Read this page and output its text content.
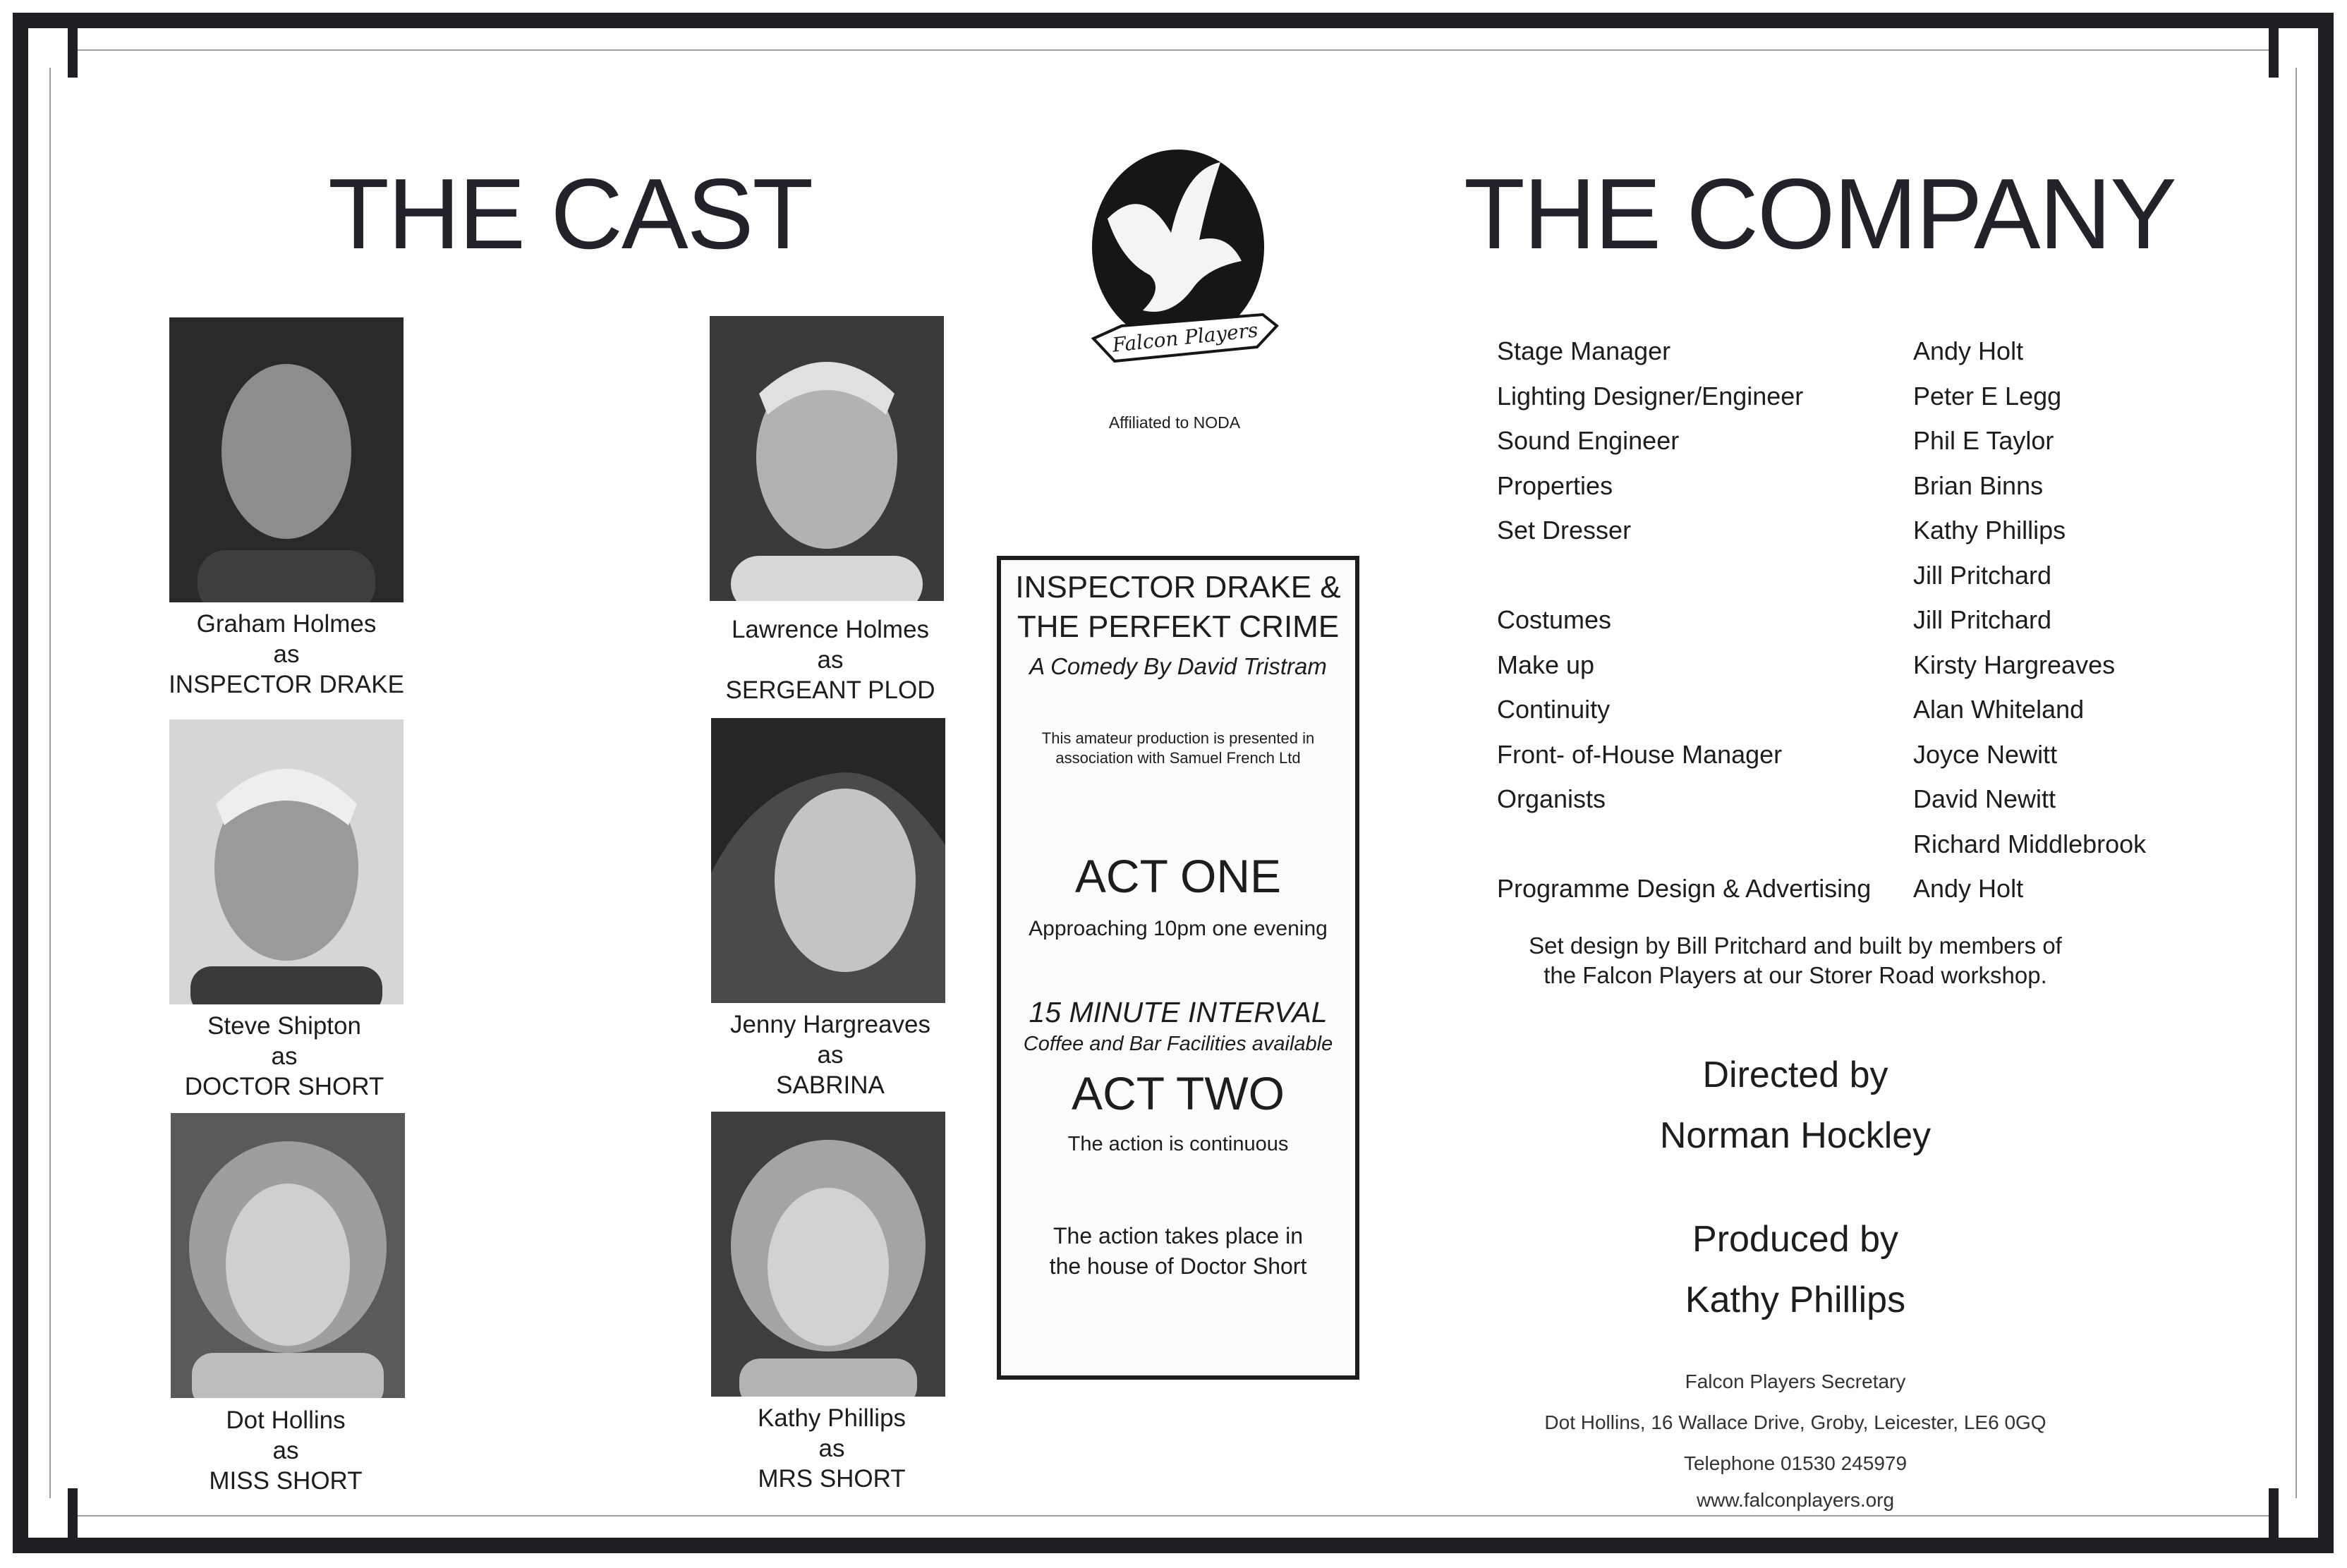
THE CAST
Graham Holmes
as
INSPECTOR DRAKE
Lawrence Holmes
as
SERGEANT PLOD
Steve Shipton
as
DOCTOR SHORT
Jenny Hargreaves
as
SABRINA
Dot Hollins
as
MISS SHORT
Kathy Phillips
as
MRS SHORT
Falcon Players
Affiliated to NODA
INSPECTOR DRAKE &
THE PERFEKT CRIME
A Comedy By David Tristram
This amateur production is presented in
association with Samuel French Ltd
ACT ONE
Approaching 10pm one evening
15 MINUTE INTERVAL
Coffee and Bar Facilities available
ACT TWO
The action is continuous
The action takes place in
the house of Doctor Short
THE COMPANY
Stage Manager
Lighting Designer/Engineer
Sound Engineer
Properties
Set Dresser
Costumes
Make up
Continuity
Front- of-House Manager
Organists
Programme Design & Advertising
Andy Holt
Peter E Legg
Phil E Taylor
Brian Binns
Kathy Phillips
Jill Pritchard
Jill Pritchard
Kirsty Hargreaves
Alan Whiteland
Joyce Newitt
David Newitt
Richard Middlebrook
Andy Holt
Set design by Bill Pritchard and built by members of
the Falcon Players at our Storer Road workshop.
Directed by
Norman Hockley
Produced by
Kathy Phillips
Falcon Players Secretary
Dot Hollins, 16 Wallace Drive, Groby, Leicester, LE6 0GQ
Telephone 01530 245979
www.falconplayers.org
